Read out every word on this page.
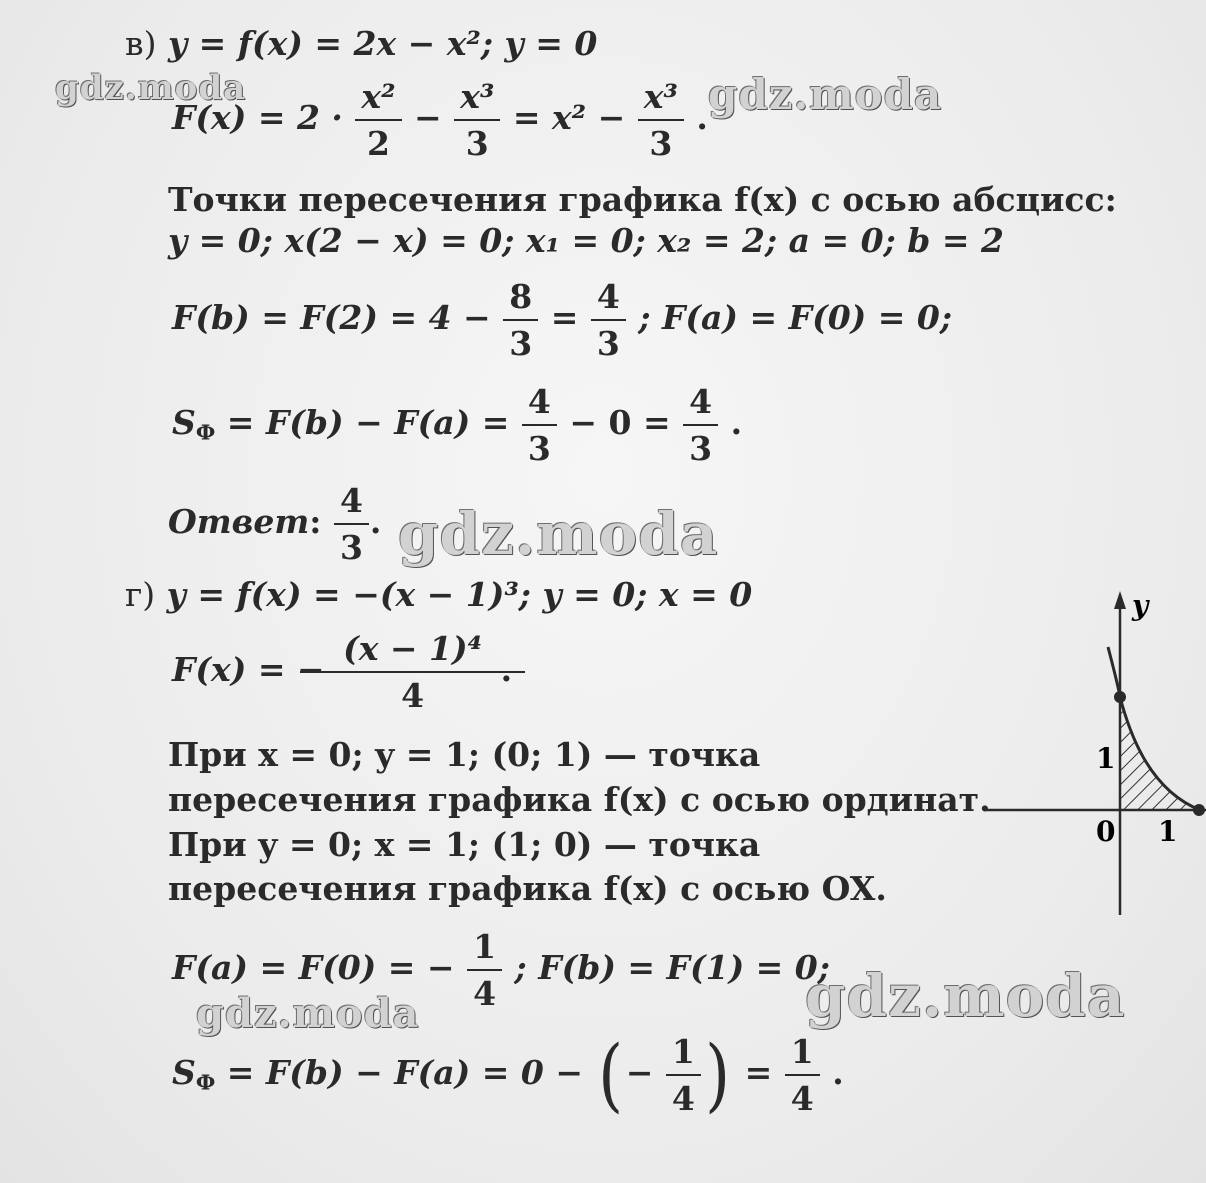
gdz.moda	gdz.moda
gdz.moda
gdz.moda
gdz.moda
в) y = f(x) = 2x − x²; y = 0
$F(x) = 2 \cdot \frac{\text{x²}}{2} - \frac{\text{x³}}{3} = x^2 - \frac{\text{x³}}{3}$ .
Точки пересечения графика f(x) с осью абсцисс:
y = 0; x(2 − x) = 0; x₁ = 0; x₂ = 2; a = 0; b = 2
$F(b) = F(2) = 4 - \frac{8}{3} = \frac{4}{3}$ ; F(a) = F(0) = 0;
$S_Ф = F(b) - F(a) = \frac{4}{3} - 0 = \frac{4}{3}$ .
Ответ: $\frac{4}{3}$ .
г) y = f(x) = −(x − 1)³; y = 0; x = 0
F(x) = − $\frac{\text{(x − 1)⁴}}{4}$ .
При x = 0; y = 1; (0; 1) — точка
пересечения графика f(x) с осью ординат.
При y = 0; x = 1; (1; 0) — точка
пересечения графика f(x) с осью OX.
F(a) = F(0) = − $\frac{1}{4}$ ; F(b) = F(1) = 0;
$S_Ф = F(b) - F(a) = 0$ − (− $\frac{1}{4}$ ) = $\frac{1}{4}$ .
y
1
0 1
